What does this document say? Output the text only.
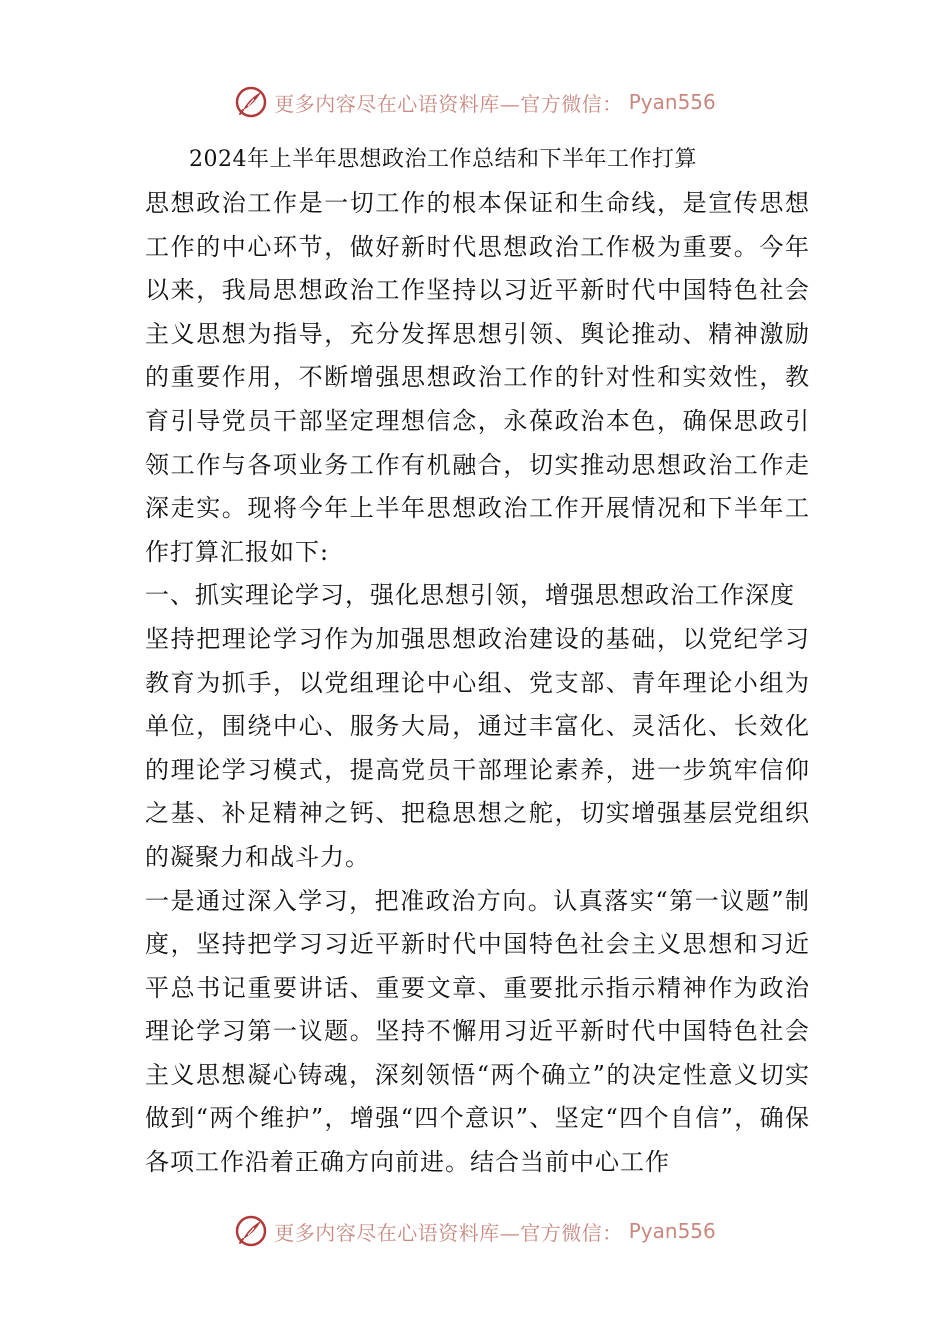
更多内容尽在心语资料库—官方微信： Pyan556
2024年上半年思想政治工作总结和下半年工作打算

思想政治工作是一切工作的根本保证和生命线，是宣传思想工作的中心环节，做好新时代思想政治工作极为重要。今年以来，我局思想政治工作坚持以习近平新时代中国特色社会主义思想为指导，充分发挥思想引领、舆论推动、精神激励的重要作用，不断增强思想政治工作的针对性和实效性，教育引导党员干部坚定理想信念，永葆政治本色，确保思政引领工作与各项业务工作有机融合，切实推动思想政治工作走深走实。现将今年上半年思想政治工作开展情况和下半年工作打算汇报如下:

一、抓实理论学习，强化思想引领，增强思想政治工作深度

坚持把理论学习作为加强思想政治建设的基础，以党纪学习教育为抓手，以党组理论中心组、党支部、青年理论小组为单位，围绕中心、服务大局，通过丰富化、灵活化、长效化的理论学习模式，提高党员干部理论素养，进一步筑牢信仰之基、补足精神之钙、把稳思想之舵，切实增强基层党组织的凝聚力和战斗力。

一是通过深入学习，把准政治方向。认真落实“第一议题”制度，坚持把学习习近平新时代中国特色社会主义思想和习近平总书记重要讲话、重要文章、重要批示指示精神作为政治理论学习第一议题。坚持不懈用习近平新时代中国特色社会主义思想凝心铸魂，深刻领悟“两个确立”的决定性意义切实做到“两个维护”，增强“四个意识”、坚定“四个自信”，确保各项工作沿着正确方向前进。结合当前中心工作

更多内容尽在心语资料库—官方微信： Pyan556
